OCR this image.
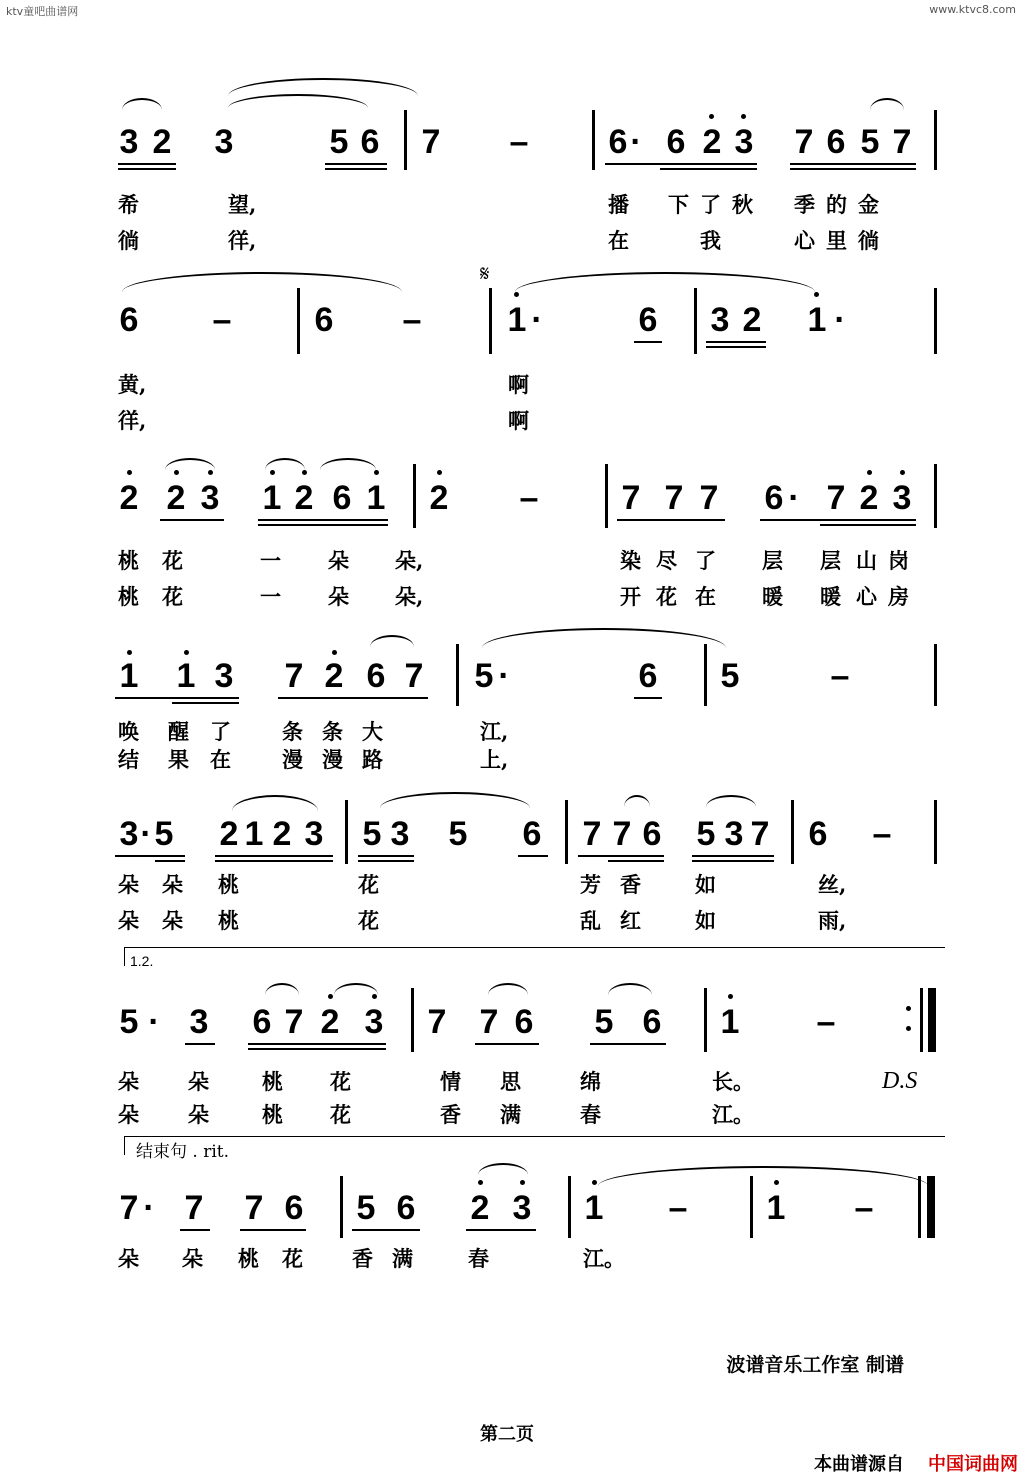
ktv童吧曲谱网	www.ktvc8.com
3 2 3	5 6 7 – 6 · 6 2 3 7 6 5 7
希	望,	播 下 了 秋 季 的 金
徜	徉,	在	我	心 里 徜
𝄋
6 – 6 –	1 ·	6 3 2 1 ·
黄,	啊
徉,	啊
2 2 3 1 2 6 1 2 – 7 7 7 6 · 7 2 3
桃 花	一 朵 朵,	染 尽 了 层 层 山 岗
桃 花	一 朵 朵,	开 花 在 暖 暖 心 房
1 1 3 7 2 6 7 5 ·	6 5	–
唤 醒 了 条 条 大	江,
结 果 在 漫 漫 路	上,
3 · 5 2 1 2 3 5 3 5 6 7 7 6 5 3 7 6 –
朵 朵 桃	花	芳 香	如	丝,
朵 朵 桃	花	乱 红	如	雨,
1.2.
5 · 3 6 7 2 3 7 7 6 5 6 1 –
朵 朵	桃 花	情 思	绵	长。	D.S
朵 朵	桃 花	香 满	春	江。
结束句 . rit.
7 · 7 7 6 5 6 2 3 1 – 1 –
朵 朵 桃 花 香 满	春	江。
波谱音乐工作室 制谱
第二页
本曲谱源自 中国词曲网
